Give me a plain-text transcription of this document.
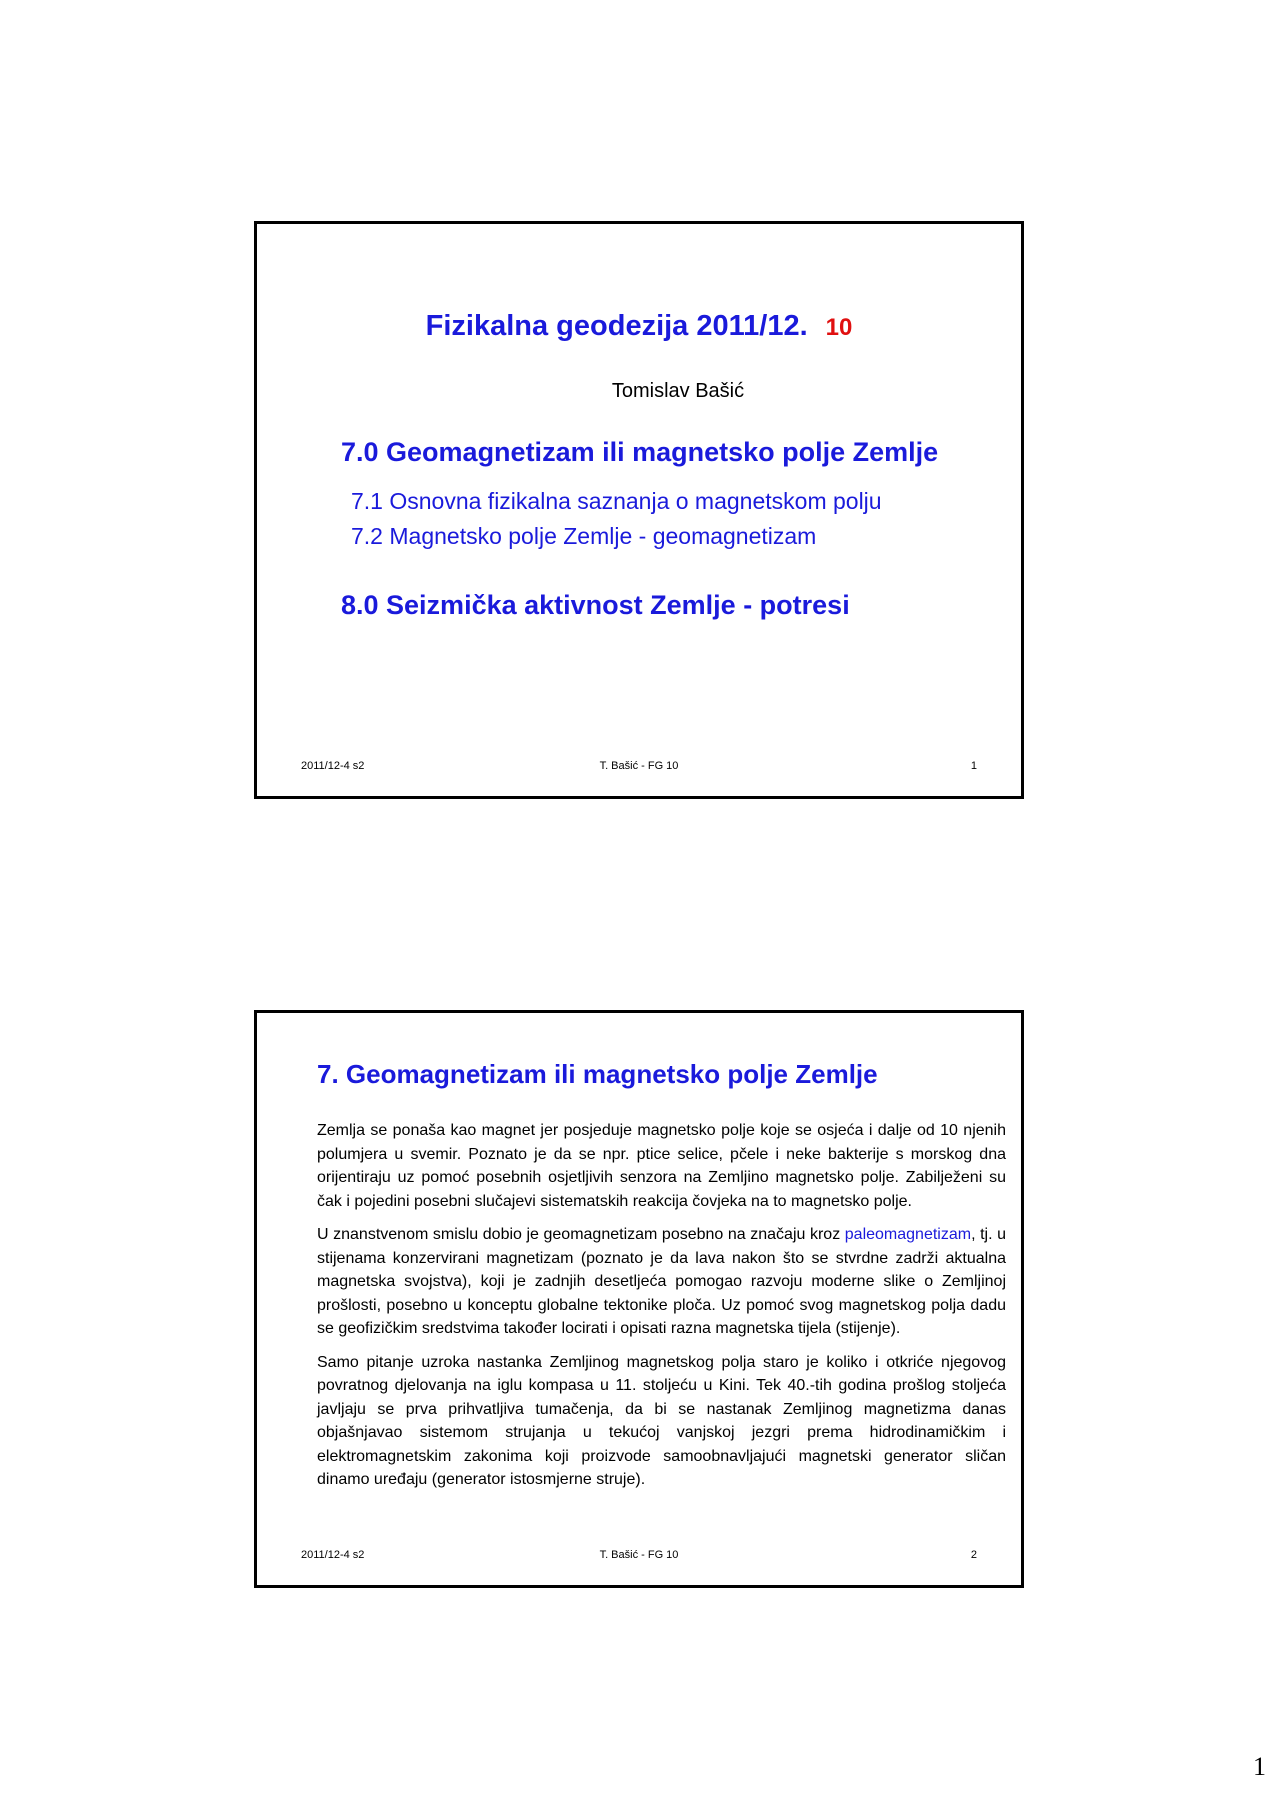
Fizikalna geodezija 2011/12. 10
Tomislav Bašić
7.0 Geomagnetizam ili magnetsko polje Zemlje
7.1 Osnovna fizikalna saznanja o magnetskom polju
7.2 Magnetsko polje Zemlje - geomagnetizam
8.0 Seizmička aktivnost Zemlje - potresi
2011/12-4 s2	T. Bašić - FG 10	1
7. Geomagnetizam ili magnetsko polje Zemlje

Zemlja se ponaša kao magnet jer posjeduje magnetsko polje koje se osjeća i dalje od 10 njenih polumjera u svemir. Poznato je da se npr. ptice selice, pčele i neke bakterije s morskog dna orijentiraju uz pomoć posebnih osjetljivih senzora na Zemljino magnetsko polje. Zabilježeni su čak i pojedini posebni slučajevi sistematskih reakcija čovjeka na to magnetsko polje.

U znanstvenom smislu dobio je geomagnetizam posebno na značaju kroz paleomagnetizam, tj. u stijenama konzervirani magnetizam (poznato je da lava nakon što se stvrdne zadrži aktualna magnetska svojstva), koji je zadnjih desetljeća pomogao razvoju moderne slike o Zemljinoj prošlosti, posebno u konceptu globalne tektonike ploča. Uz pomoć svog magnetskog polja dadu se geofizičkim sredstvima također locirati i opisati razna magnetska tijela (stijenje).

Samo pitanje uzroka nastanka Zemljinog magnetskog polja staro je koliko i otkriće njegovog povratnog djelovanja na iglu kompasa u 11. stoljeću u Kini. Tek 40.-tih godina prošlog stoljeća javljaju se prva prihvatljiva tumačenja, da bi se nastanak Zemljinog magnetizma danas objašnjavao sistemom strujanja u tekućoj vanjskoj jezgri prema hidrodinamičkim i elektromagnetskim zakonima koji proizvode samoobnavljajući magnetski generator sličan dinamo uređaju (generator istosmjerne struje).

2011/12-4 s2	T. Bašić - FG 10	2
1
